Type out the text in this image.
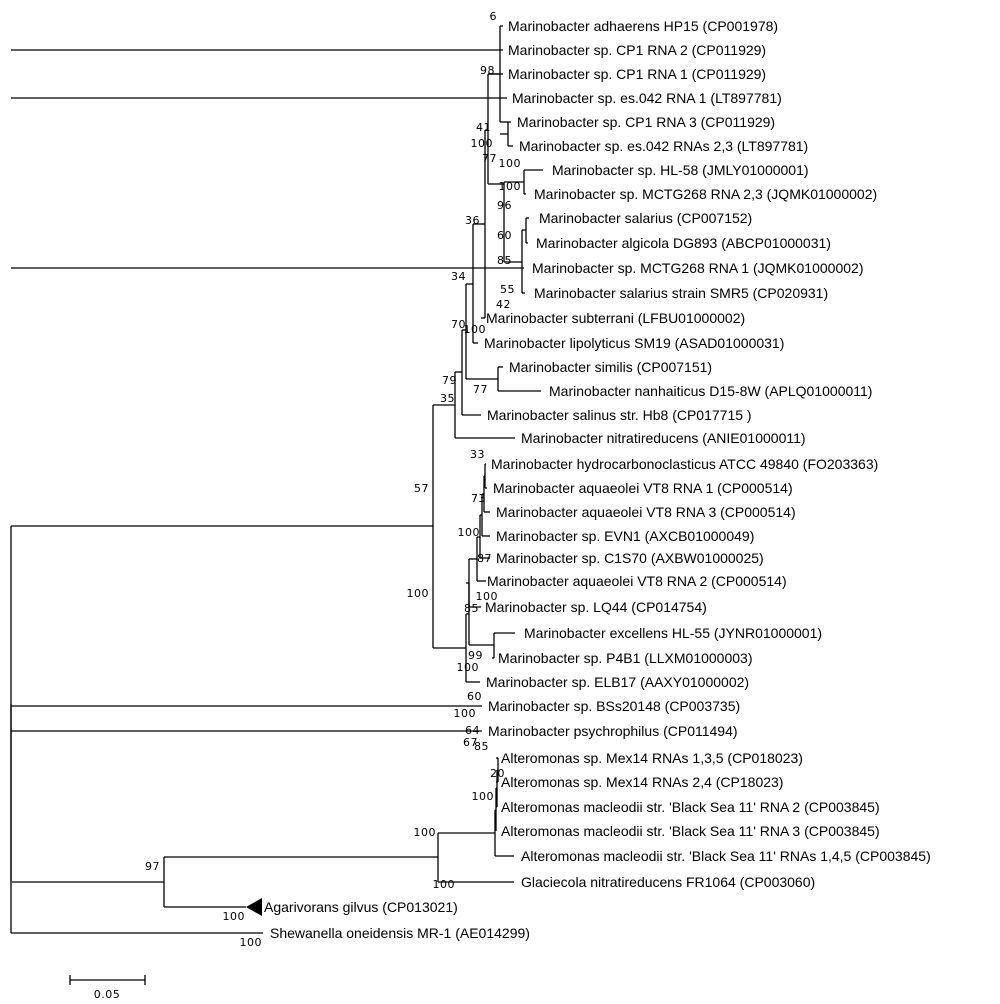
0.05
Marinobacter adhaerens HP15 (CP001978)
Marinobacter sp. CP1 RNA 2 (CP011929)
Marinobacter sp. CP1 RNA 1 (CP011929)
Marinobacter sp. es.042 RNA 1 (LT897781)
Marinobacter sp. CP1 RNA 3 (CP011929)
Marinobacter sp. es.042 RNAs 2,3 (LT897781)
Marinobacter sp. HL-58 (JMLY01000001)
Marinobacter sp. MCTG268 RNA 2,3 (JQMK01000002)
Marinobacter salarius (CP007152)
Marinobacter algicola DG893 (ABCP01000031)
Marinobacter sp. MCTG268 RNA 1 (JQMK01000002)
Marinobacter salarius strain SMR5 (CP020931)
Marinobacter subterrani (LFBU01000002)
Marinobacter lipolyticus SM19 (ASAD01000031)
Marinobacter similis (CP007151)
Marinobacter nanhaiticus D15-8W (APLQ01000011)
Marinobacter salinus str. Hb8 (CP017715 )
Marinobacter nitratireducens (ANIE01000011)
Marinobacter hydrocarbonoclasticus ATCC 49840 (FO203363)
Marinobacter aquaeolei VT8 RNA 1 (CP000514)
Marinobacter aquaeolei VT8 RNA 3 (CP000514)
Marinobacter sp. EVN1 (AXCB01000049)
Marinobacter sp. C1S70 (AXBW01000025)
Marinobacter aquaeolei VT8 RNA 2 (CP000514)
Marinobacter sp. LQ44 (CP014754)
Marinobacter excellens HL-55 (JYNR01000001)
Marinobacter sp. P4B1 (LLXM01000003)
Marinobacter sp. ELB17 (AAXY01000002)
Marinobacter sp. BSs20148 (CP003735)
Marinobacter psychrophilus (CP011494)
Alteromonas sp. Mex14 RNAs 1,3,5 (CP018023)
Alteromonas sp. Mex14 RNAs 2,4 (CP18023)
Alteromonas macleodii str. 'Black Sea 11' RNA 2 (CP003845)
Alteromonas macleodii str. 'Black Sea 11' RNA 3 (CP003845)
Alteromonas macleodii str. 'Black Sea 11' RNAs 1,4,5 (CP003845)
Glaciecola nitratireducens FR1064 (CP003060)
Agarivorans gilvus (CP013021)
Shewanella oneidensis MR-1 (AE014299)
6
98
41
100
77 100
100
96
60
85
55
42
36
34
70
100
79
77
35
57
100
33
73
100
87
100
85
99
100
60
100
64
67
85
20
100
100
100
97
100
100
